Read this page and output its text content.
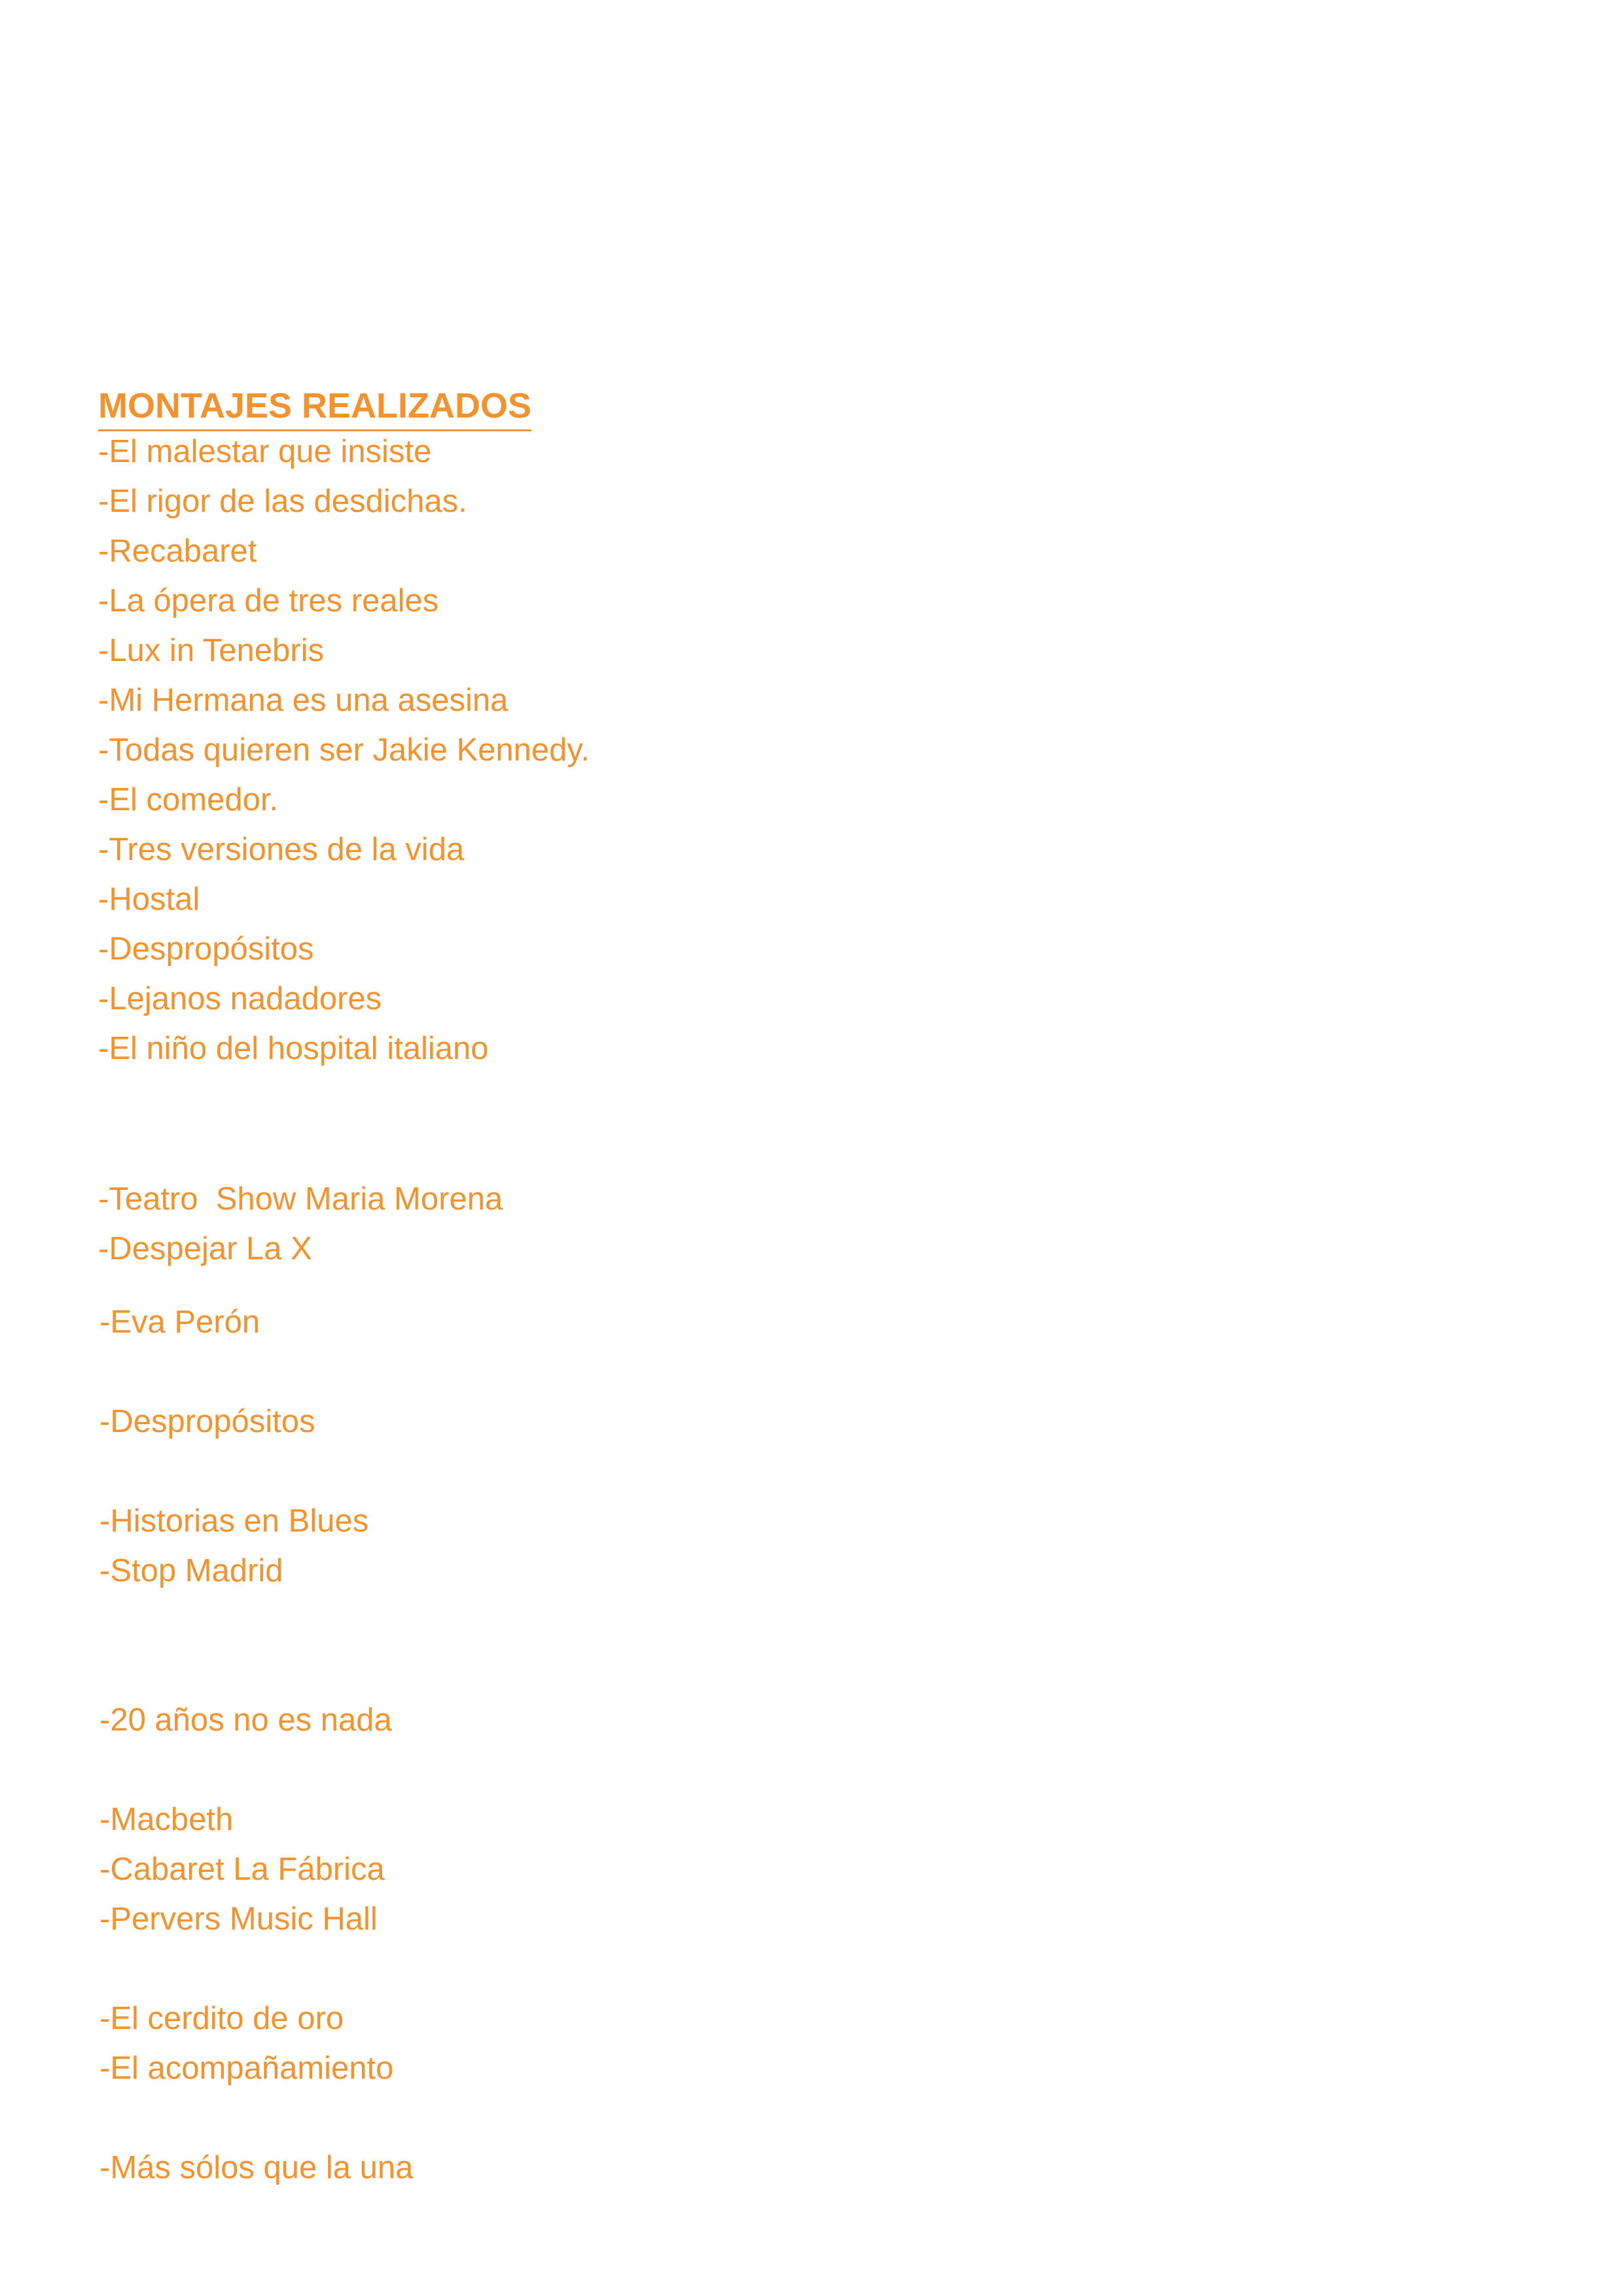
MONTAJES REALIZADOS

-El malestar que insiste

-El rigor de las desdichas.

-Recabaret

-La ópera de tres reales

-Lux in Tenebris

-Mi Hermana es una asesina

-Todas quieren ser Jakie Kennedy.

-El comedor.

-Tres versiones de la vida

-Hostal

-Despropósitos

-Lejanos nadadores

-El niño del hospital italiano

-Teatro  Show Maria Morena

-Despejar La X

-Eva Perón

-Despropósitos

-Historias en Blues

-Stop Madrid

-20 años no es nada

-Macbeth

-Cabaret La Fábrica

-Pervers Music Hall

-El cerdito de oro

-El acompañamiento

-Más sólos que la una
